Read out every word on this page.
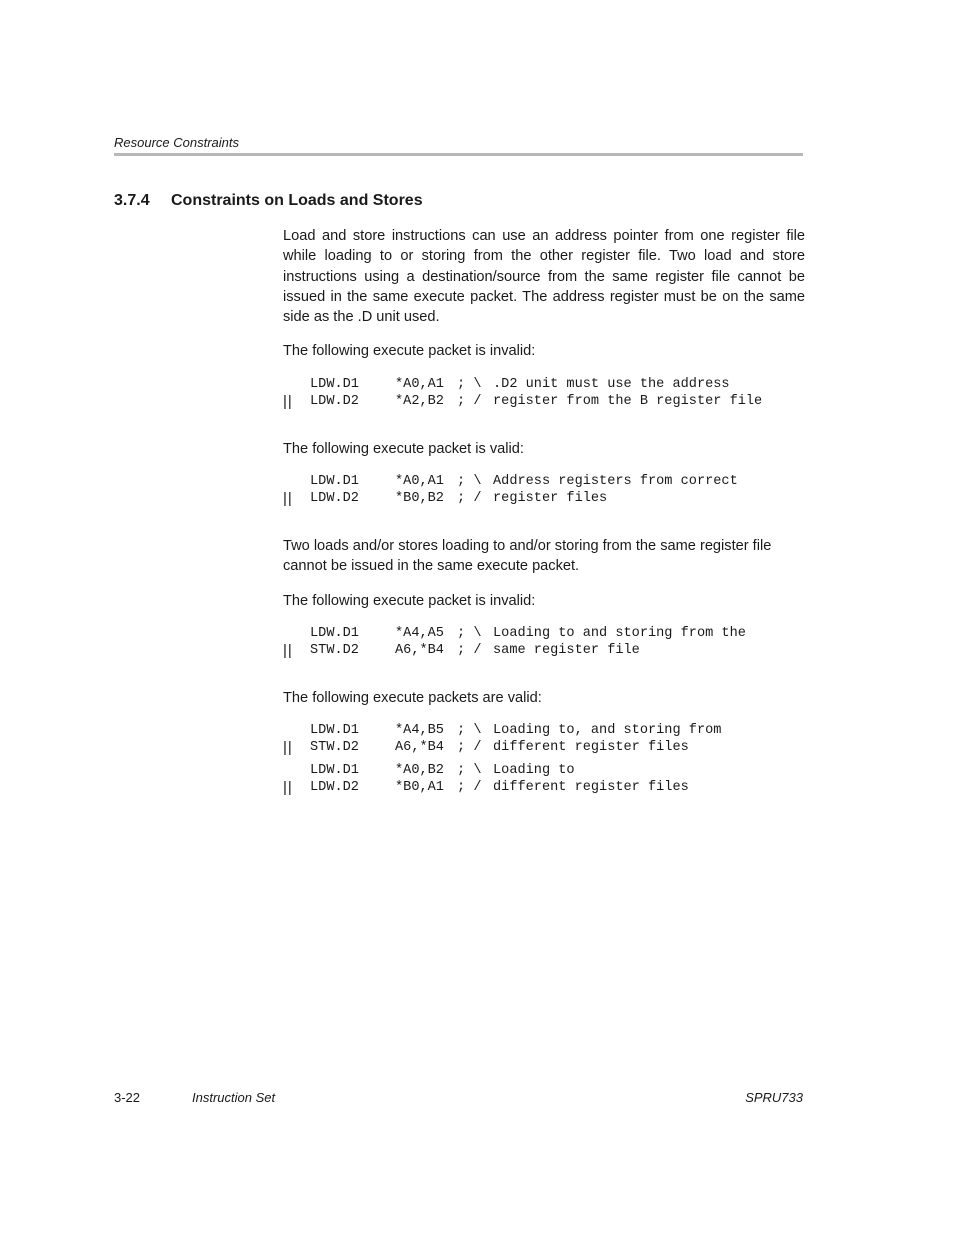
Resource Constraints
3.7.4 Constraints on Loads and Stores

Load and store instructions can use an address pointer from one register file while loading to or storing from the other register file. Two load and store instructions using a destination/source from the same register file cannot be issued in the same execute packet. The address register must be on the same side as the .D unit used.

The following execute packet is invalid:

LDW.D1	*A0,A1 ; \ .D2 unit must use the address
||	LDW.D2	*A2,B2 ; / register from the B register file

The following execute packet is valid:

LDW.D1	*A0,A1 ; \ Address registers from correct
||	LDW.D2	*B0,B2 ; / register files

Two loads and/or stores loading to and/or storing from the same register file cannot be issued in the same execute packet.

The following execute packet is invalid:

LDW.D1	*A4,A5 ; \ Loading to and storing from the
||	STW.D2	A6,*B4 ; / same register file

The following execute packets are valid:

LDW.D1	*A4,B5 ; \ Loading to, and storing from
||	STW.D2	A6,*B4 ; / different register files
LDW.D1	*A0,B2 ; \ Loading to
||	LDW.D2	*B0,A1 ; / different register files
3-22	Instruction Set	SPRU733
